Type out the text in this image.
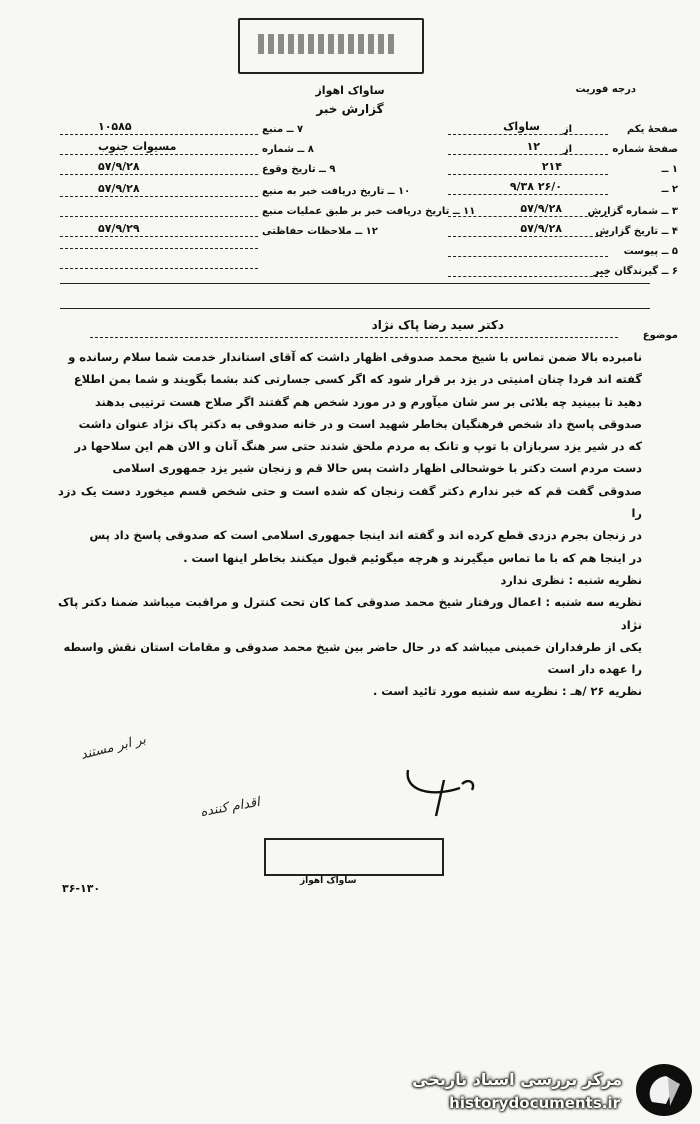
ساواک اهواز
گزارش خبر
درجه فوریت
صفحهٔ یکم
از
ساواک
صفحهٔ شماره
از
۱۲
۱ ــ
۲۱۴
۲ ــ
۲۶/۰ ۹/۳۸
۳ ــ شماره گزارش
۵۷/۹/۲۸
۴ ــ تاریخ گزارش
۵۷/۹/۲۸
۵ ــ پیوست
۶ ــ گیرندگان خبر
۷ ــ منبع
۱۰۵۸۵
۸ ــ شماره
مسیوات جنوب
۹ ــ تاریخ وقوع
۵۷/۹/۲۸
۱۰ ــ تاریخ دریافت خبر به منبع
۵۷/۹/۲۸
۱۱ ــ تاریخ دریافت خبر بر طبق عملیات منبع
۱۲ ــ ملاحظات حفاظتی
۵۷/۹/۲۹
موضوع
دکتر سید رضا پاک نژاد
نامبرده بالا ضمن تماس با شیخ محمد صدوقی اظهار داشت که آقای استاندار خدمت شما سلام رسانده و
گفته اند فردا چنان امنیتی در یزد بر قرار شود که اگر کسی جسارتی کند بشما بگویند و شما بمن اطلاع
دهید تا ببینید چه بلائی بر سر شان میآورم و در مورد شخص هم گفتند اگر صلاح هست ترتیبی بدهند
صدوقی پاسخ داد شخص فرهنگیان بخاطر شهید است و در خانه صدوقی به دکتر پاک نژاد عنوان داشت
که در شیر یزد سربازان با توپ و تانک به مردم ملحق شدند حتی سر هنگ آنان و الان هم این سلاحها در
دست مردم است دکتر با خوشحالی اظهار داشت پس حالا قم و زنجان شیر یزد جمهوری اسلامی
صدوقی گفت قم که خبر ندارم دکتر گفت زنجان که شده است و حتی شخص قسم میخورد دست یک دزد را
در زنجان بجرم دزدی قطع کرده اند و گفته اند اینجا جمهوری اسلامی است که صدوقی پاسخ داد پس
در اینجا هم که با ما تماس میگیرند و هرچه میگوئیم قبول میکنند بخاطر اینها است .
نظریه شنبه : نظری ندارد
نظریه سه شنبه : اعمال ورفتار شیخ محمد صدوقی کما کان تحت کنترل و مراقبت میباشد ضمنا دکتر پاک نژاد
یکی از طرفداران خمینی میباشد که در حال حاضر بین شیخ محمد صدوقی و مقامات استان نقش واسطه
را عهده دار است
نظریه ۲۶ /هـ : نظریه سه شنبه مورد تائید است .
بر ابر مستند
اقدام کننده
ساواک اهواز
۳۶-۱۳۰
مرکز بررسی اسناد تاریخی
historydocuments.ir
